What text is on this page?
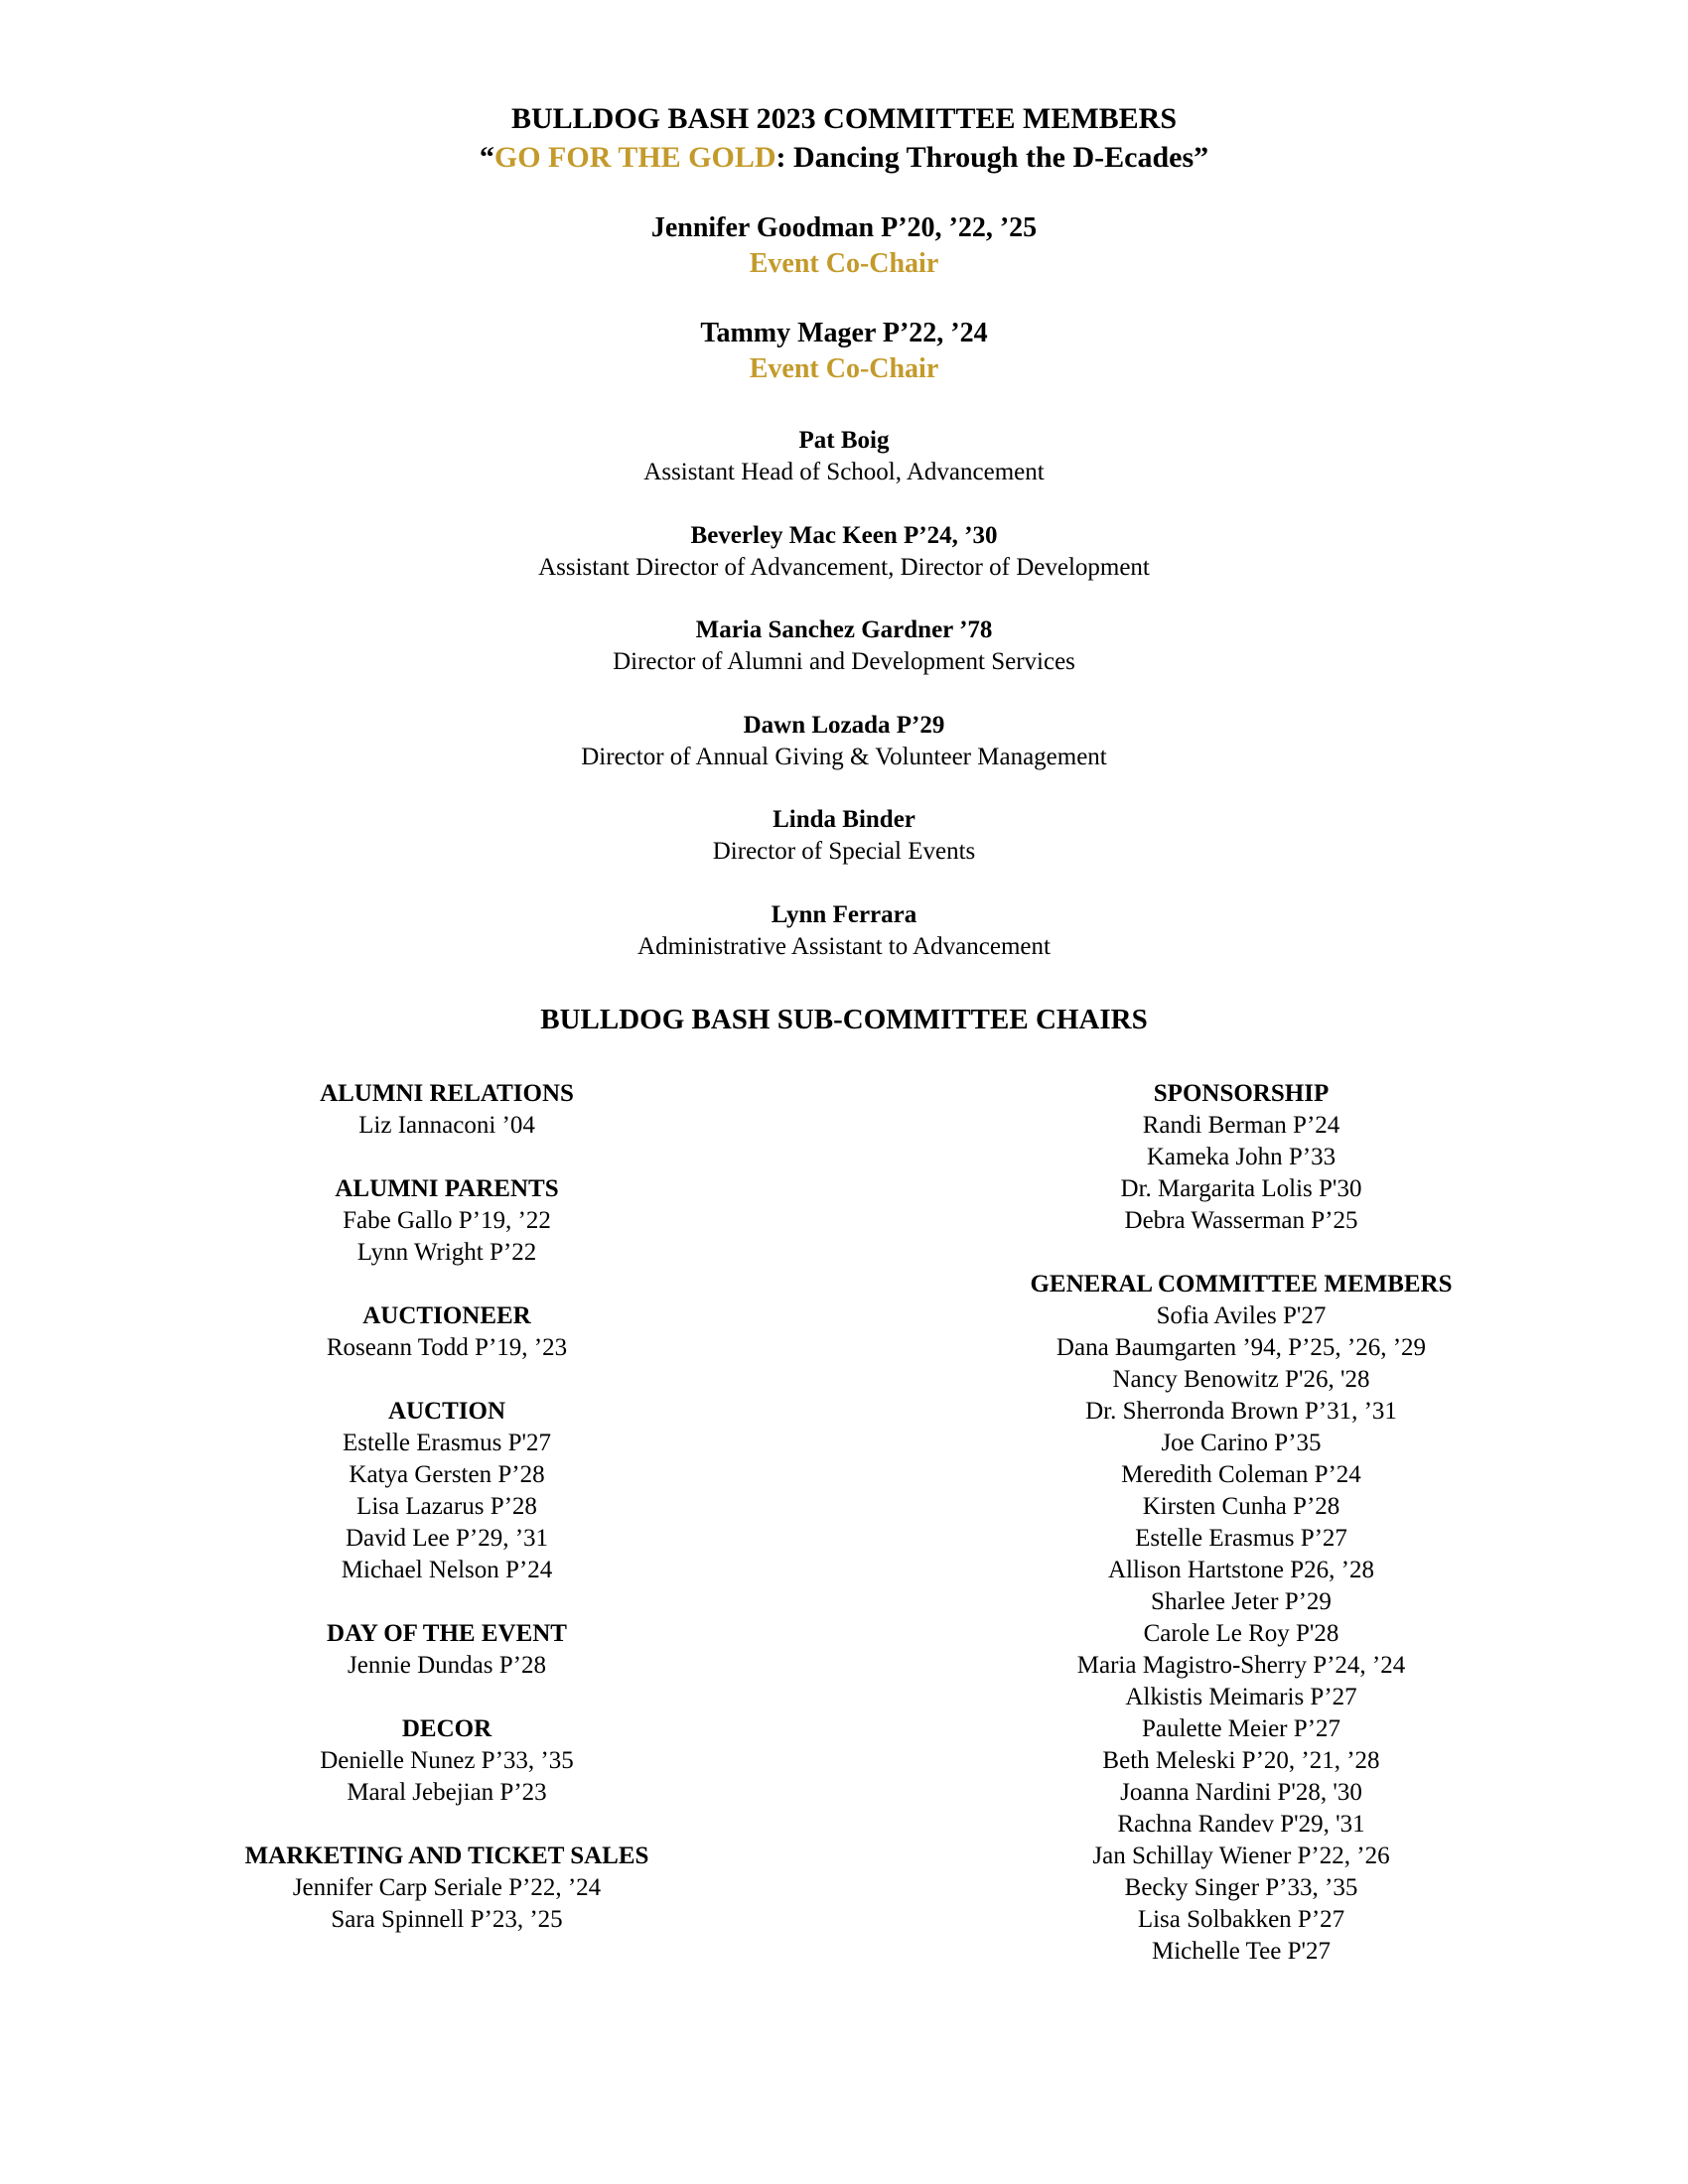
BULLDOG BASH 2023 COMMITTEE MEMBERS
“GO FOR THE GOLD: Dancing Through the D-Ecades”
Jennifer Goodman P’20, ’22, ’25
Event Co-Chair
Tammy Mager P’22, ’24
Event Co-Chair
Pat Boig
Assistant Head of School, Advancement
Beverley Mac Keen P’24, ’30
Assistant Director of Advancement, Director of Development
Maria Sanchez Gardner ’78
Director of Alumni and Development Services
Dawn Lozada P’29
Director of Annual Giving & Volunteer Management
Linda Binder
Director of Special Events
Lynn Ferrara
Administrative Assistant to Advancement
BULLDOG BASH SUB-COMMITTEE CHAIRS
ALUMNI RELATIONS
Liz Iannaconi ’04
ALUMNI PARENTS
Fabe Gallo P’19, ’22
Lynn Wright P’22
AUCTIONEER
Roseann Todd P’19, ’23
AUCTION
Estelle Erasmus P'27
Katya Gersten P’28
Lisa Lazarus P’28
David Lee P’29, ’31
Michael Nelson P’24
DAY OF THE EVENT
Jennie Dundas P’28
DECOR
Denielle Nunez P’33, ’35
Maral Jebejian P’23
MARKETING AND TICKET SALES
Jennifer Carp Seriale P’22, ’24
Sara Spinnell P’23, ’25
SPONSORSHIP
Randi Berman P’24
Kameka John P’33
Dr. Margarita Lolis P'30
Debra Wasserman P’25
GENERAL COMMITTEE MEMBERS
Sofia Aviles P'27
Dana Baumgarten ’94, P’25, ’26, ’29
Nancy Benowitz P'26, '28
Dr. Sherronda Brown P’31, ’31
Joe Carino P’35
Meredith Coleman P’24
Kirsten Cunha P’28
Estelle Erasmus P’27
Allison Hartstone P26, ’28
Sharlee Jeter P’29
Carole Le Roy P'28
Maria Magistro-Sherry P’24, ’24
Alkistis Meimaris P’27
Paulette Meier P’27
Beth Meleski P’20, ’21, ’28
Joanna Nardini P'28, '30
Rachna Randev P'29, '31
Jan Schillay Wiener P’22, ’26
Becky Singer P’33, ’35
Lisa Solbakken P’27
Michelle Tee P'27
